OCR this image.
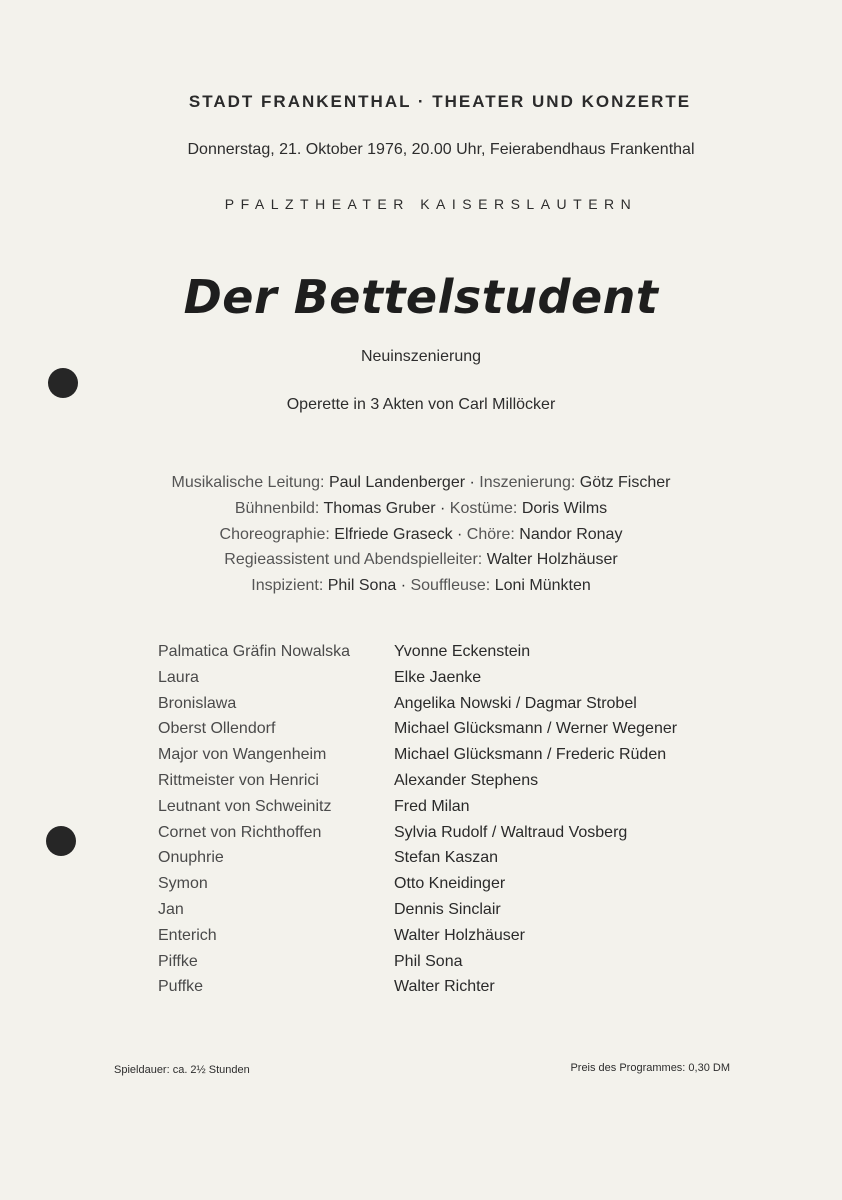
STADT FRANKENTHAL · THEATER UND KONZERTE
Donnerstag, 21. Oktober 1976, 20.00 Uhr, Feierabendhaus Frankenthal
PFALZTHEATER KAISERSLAUTERN
Der Bettelstudent
Neuinszenierung
Operette in 3 Akten von Carl Millöcker
Musikalische Leitung: Paul Landenberger · Inszenierung: Götz Fischer
Bühnenbild: Thomas Gruber · Kostüme: Doris Wilms
Choreographie: Elfriede Graseck · Chöre: Nandor Ronay
Regieassistent und Abendspielleiter: Walter Holzhäuser
Inspizient: Phil Sona · Souffleuse: Loni Münkten
Palmatica Gräfin Nowalska	Yvonne Eckenstein
Laura	Elke Jaenke
Bronislawa	Angelika Nowski / Dagmar Strobel
Oberst Ollendorf	Michael Glücksmann / Werner Wegener
Major von Wangenheim	Michael Glücksmann / Frederic Rüden
Rittmeister von Henrici	Alexander Stephens
Leutnant von Schweinitz	Fred Milan
Cornet von Richthoffen	Sylvia Rudolf / Waltraud Vosberg
Onuphrie	Stefan Kaszan
Symon	Otto Kneidinger
Jan	Dennis Sinclair
Enterich	Walter Holzhäuser
Piffke	Phil Sona
Puffke	Walter Richter
Spieldauer: ca. 2½ Stunden	Preis des Programmes: 0,30 DM
